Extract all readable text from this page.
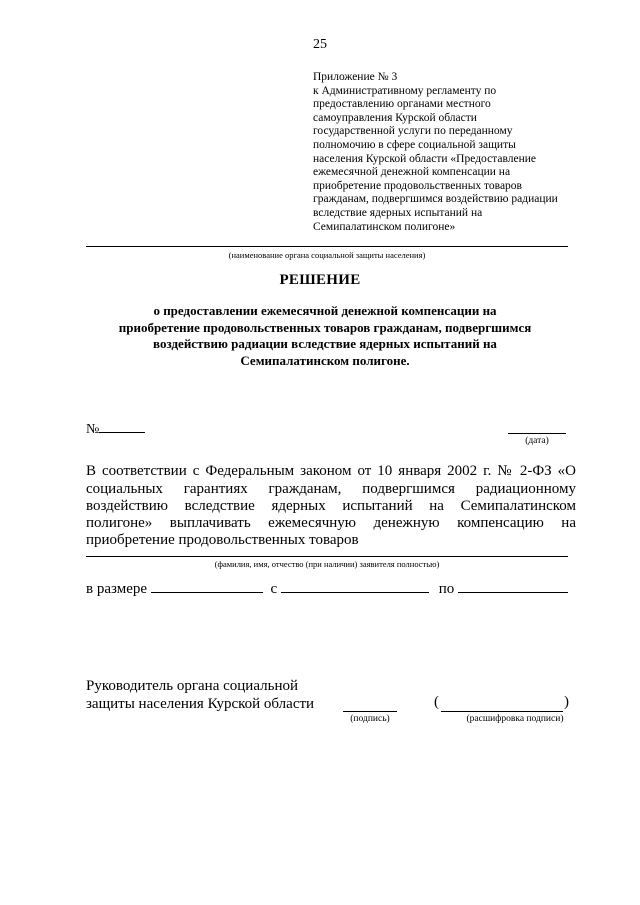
25
Приложение № 3
к Административному регламенту по
предоставлению органами местного
самоуправления Курской области
государственной услуги по переданному
полномочию в сфере социальной защиты
населения Курской области «Предоставление
ежемесячной денежной компенсации на
приобретение продовольственных товаров
гражданам, подвергшимся воздействию радиации
вследствие ядерных испытаний на
Семипалатинском полигоне»
(наименование органа социальной защиты населения)
РЕШЕНИЕ
о предоставлении ежемесячной денежной компенсации на
приобретение продовольственных товаров гражданам, подвергшимся
воздействию радиации вследствие ядерных испытаний на
Семипалатинском полигоне.
№
(дата)
В соответствии с Федеральным законом от 10 января 2002 г. № 2-ФЗ «О
социальных гарантиях гражданам, подвергшимся радиационному
воздействию вследствие ядерных испытаний на Семипалатинском
полигоне» выплачивать ежемесячную денежную компенсацию на
приобретение продовольственных товаров
(фамилия, имя, отчество (при наличии) заявителя полностью)
в размере	с	по
Руководитель органа социальной
защиты населения Курской области
(подпись)
(	)
(расшифровка подписи)
